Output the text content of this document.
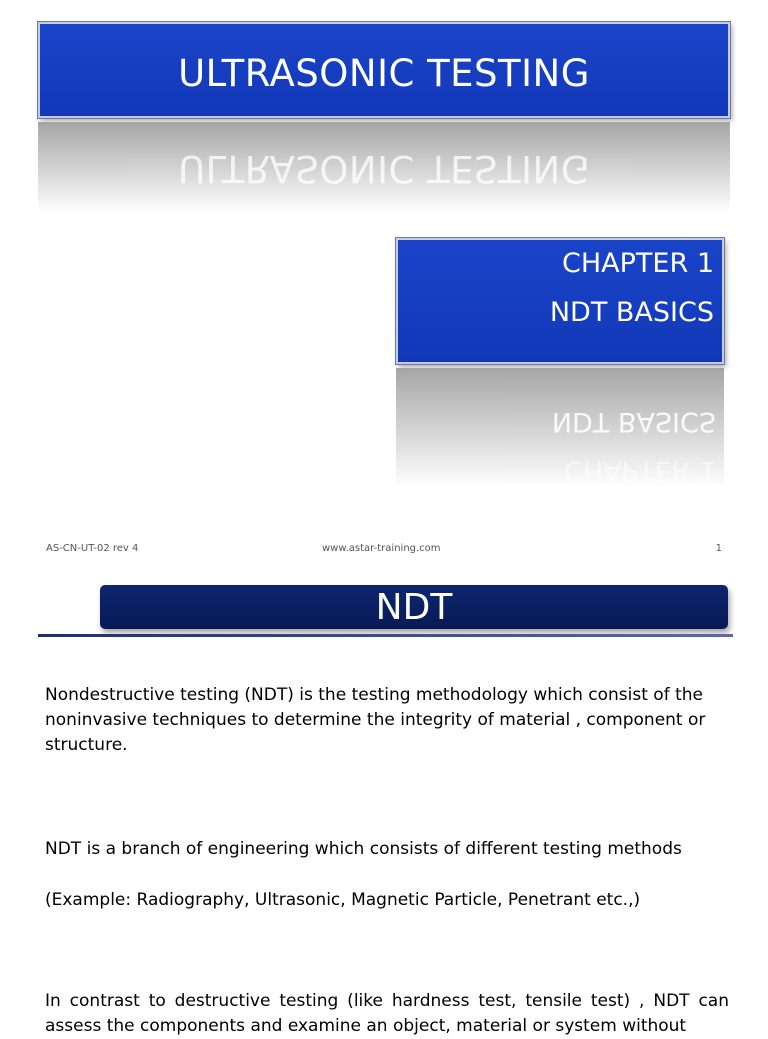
ULTRASONIC TESTING
ULTRASONIC TESTING
CHAPTER 1
NDT BASICS
CHAPTER 1
NDT BASICS
AS-CN-UT-02 rev 4	www.astar-training.com	1
NDT

Nondestructive testing (NDT) is the testing methodology which consist of the noninvasive techniques to determine the integrity of material , component or structure.

NDT is a branch of engineering which consists of different testing methods

(Example: Radiography, Ultrasonic, Magnetic Particle, Penetrant etc.,)

In contrast to destructive testing (like hardness test, tensile test) , NDT can assess the components and examine an object, material or system without
